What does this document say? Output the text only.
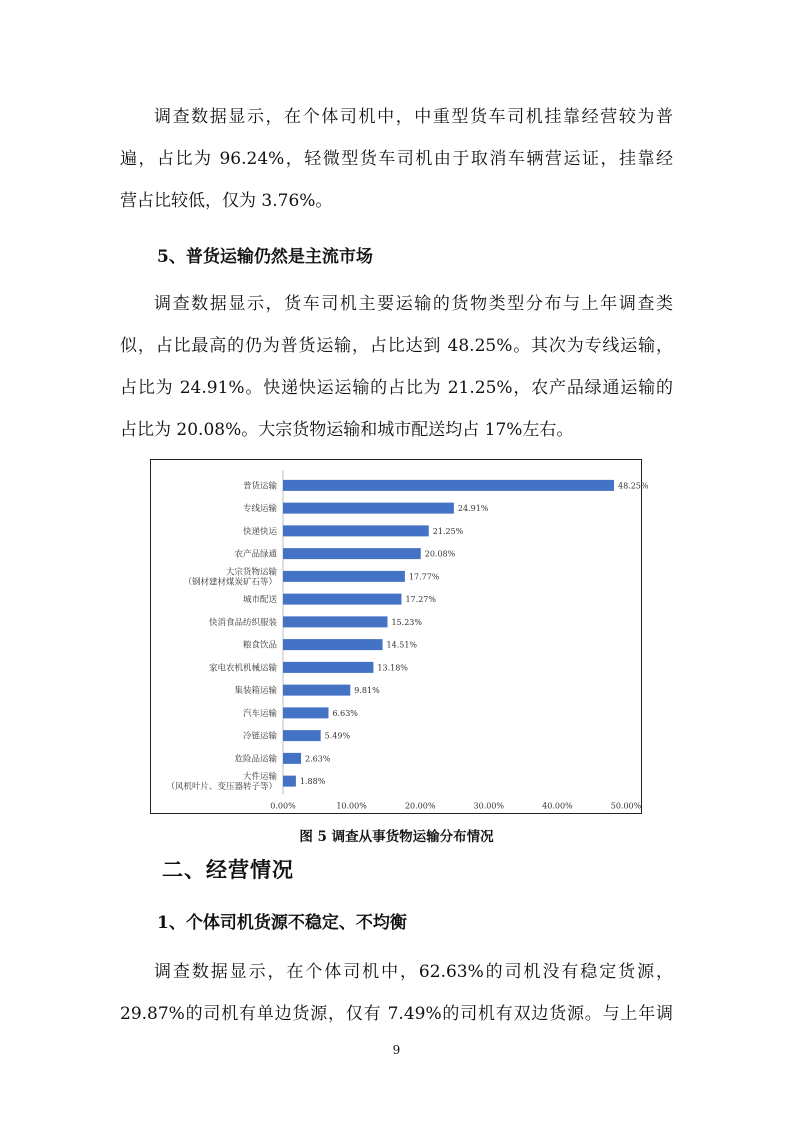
调查数据显示，在个体司机中，中重型货车司机挂靠经营较为普
遍，占比为 96.24%，轻微型货车司机由于取消车辆营运证，挂靠经
营占比较低，仅为 3.76%。
5、普货运输仍然是主流市场
调查数据显示，货车司机主要运输的货物类型分布与上年调查类
似，占比最高的仍为普货运输，占比达到 48.25%。其次为专线运输，
占比为 24.91%。快递快运运输的占比为 21.25%，农产品绿通运输的
占比为 20.08%。大宗货物运输和城市配送均占 17%左右。
普货运输	48.25%
专线运输	24.91%
快递快运	21.25%
农产品绿通	20.08%
大宗货物运输
（钢材建材煤炭矿石等）
17.77%
城市配送	17.27%
快消食品纺织服装	15.23%
粮食饮品	14.51%
家电农机机械运输	13.18%
集装箱运输	9.81%
汽车运输	6.63%
冷链运输	5.49%
危险品运输	2.63%
大件运输
（风机叶片、变压器转子等）
1.88%
0.00%	10.00%	20.00%	30.00%	40.00%	50.00%
图 5 调查从事货物运输分布情况
二、经营情况
1、个体司机货源不稳定、不均衡
调查数据显示，在个体司机中，62.63%的司机没有稳定货源，
29.87%的司机有单边货源，仅有 7.49%的司机有双边货源。与上年调
9
